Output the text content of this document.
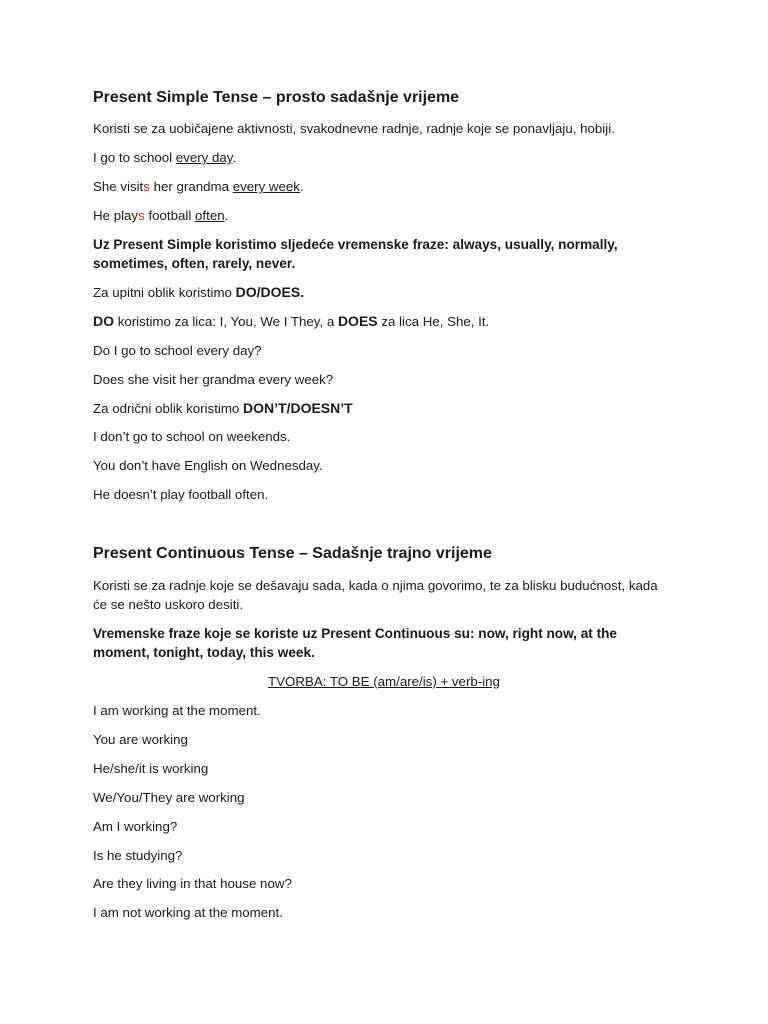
Present Simple Tense – prosto sadašnje vrijeme
Koristi se za uobičajene aktivnosti, svakodnevne radnje, radnje koje se ponavljaju, hobiji.
I go to school every day.
She visits her grandma every week.
He plays football often.
Uz Present Simple koristimo sljedeće vremenske fraze: always, usually, normally, sometimes, often, rarely, never.
Za upitni oblik koristimo DO/DOES.
DO koristimo za lica: I, You, We I They, a DOES za lica He, She, It.
Do I go to school every day?
Does she visit her grandma every week?
Za odrični oblik koristimo DON’T/DOESN’T
I don’t go to school on weekends.
You don’t have English on Wednesday.
He doesn’t play football often.
Present Continuous Tense – Sadašnje trajno vrijeme
Koristi se za radnje koje se dešavaju sada, kada o njima govorimo, te za blisku budućnost, kada će se nešto uskoro desiti.
Vremenske fraze koje se koriste uz Present Continuous su: now, right now, at the moment, tonight, today, this week.
TVORBA: TO BE (am/are/is) + verb-ing
I am working at the moment.
You are working
He/she/it is working
We/You/They are working
Am I working?
Is he studying?
Are they living in that house now?
I am not working at the moment.
